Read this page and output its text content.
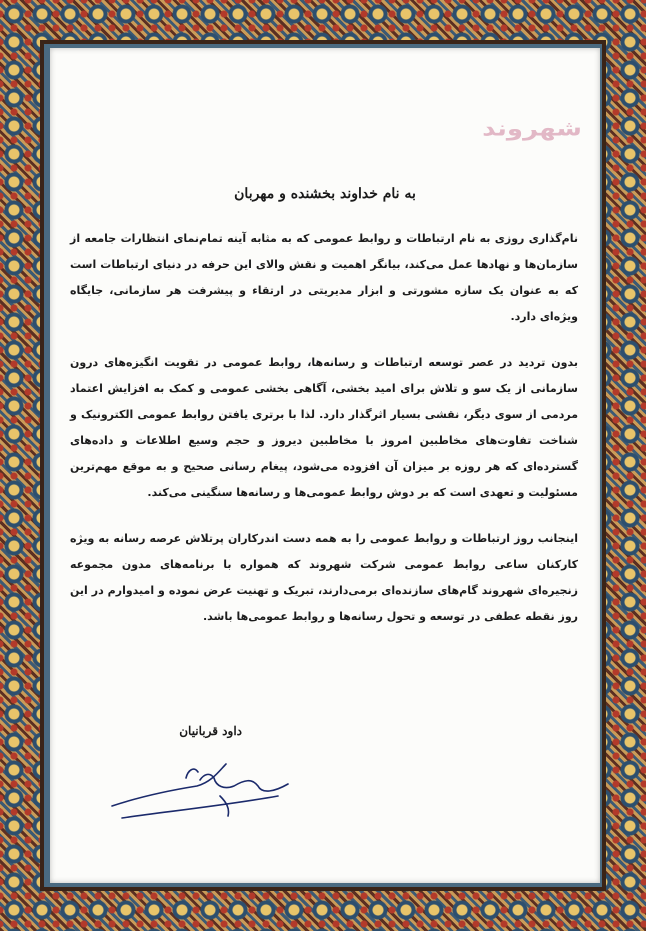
شهروند
به نام خداوند بخشنده و مهربان

نام‌گذاری روزی به نام ارتباطات و روابط عمومی که به مثابه آینه تمام‌نمای انتظارات جامعه از سازمان‌ها و نهادها عمل می‌کند، بیانگر اهمیت و نقش والای این حرفه در دنیای ارتباطات است که به عنوان یک سازه مشورتی و ابزار مدیریتی در ارتقاء و پیشرفت هر سازمانی، جایگاه ویژه‌ای دارد.

بدون تردید در عصر توسعه ارتباطات و رسانه‌ها، روابط عمومی در تقویت انگیزه‌های درون سازمانی از یک سو و تلاش برای امید بخشی، آگاهی بخشی عمومی و کمک به افزایش اعتماد مردمی از سوی دیگر، نقشی بسیار اثرگذار دارد. لذا با برتری یافتن روابط عمومی الکترونیک و شناخت تفاوت‌های مخاطبین امروز با مخاطبین دیروز و حجم وسیع اطلاعات و داده‌های گسترده‌ای که هر روزه بر میزان آن افزوده می‌شود، پیغام رسانی صحیح و به موقع مهم‌ترین مسئولیت و تعهدی است که بر دوش روابط عمومی‌ها و رسانه‌ها سنگینی می‌کند.

اینجانب روز ارتباطات و روابط عمومی را به همه دست اندرکاران پرتلاش عرصه رسانه به ویژه کارکنان ساعی روابط عمومی شرکت شهروند که همواره با برنامه‌های مدون مجموعه زنجیره‌ای شهروند گام‌های سازنده‌ای برمی‌دارند، تبریک و تهنیت عرض نموده و امیدوارم در این روز نقطه عطفی در توسعه و تحول رسانه‌ها و روابط عمومی‌ها باشد.

داود قربانیان
